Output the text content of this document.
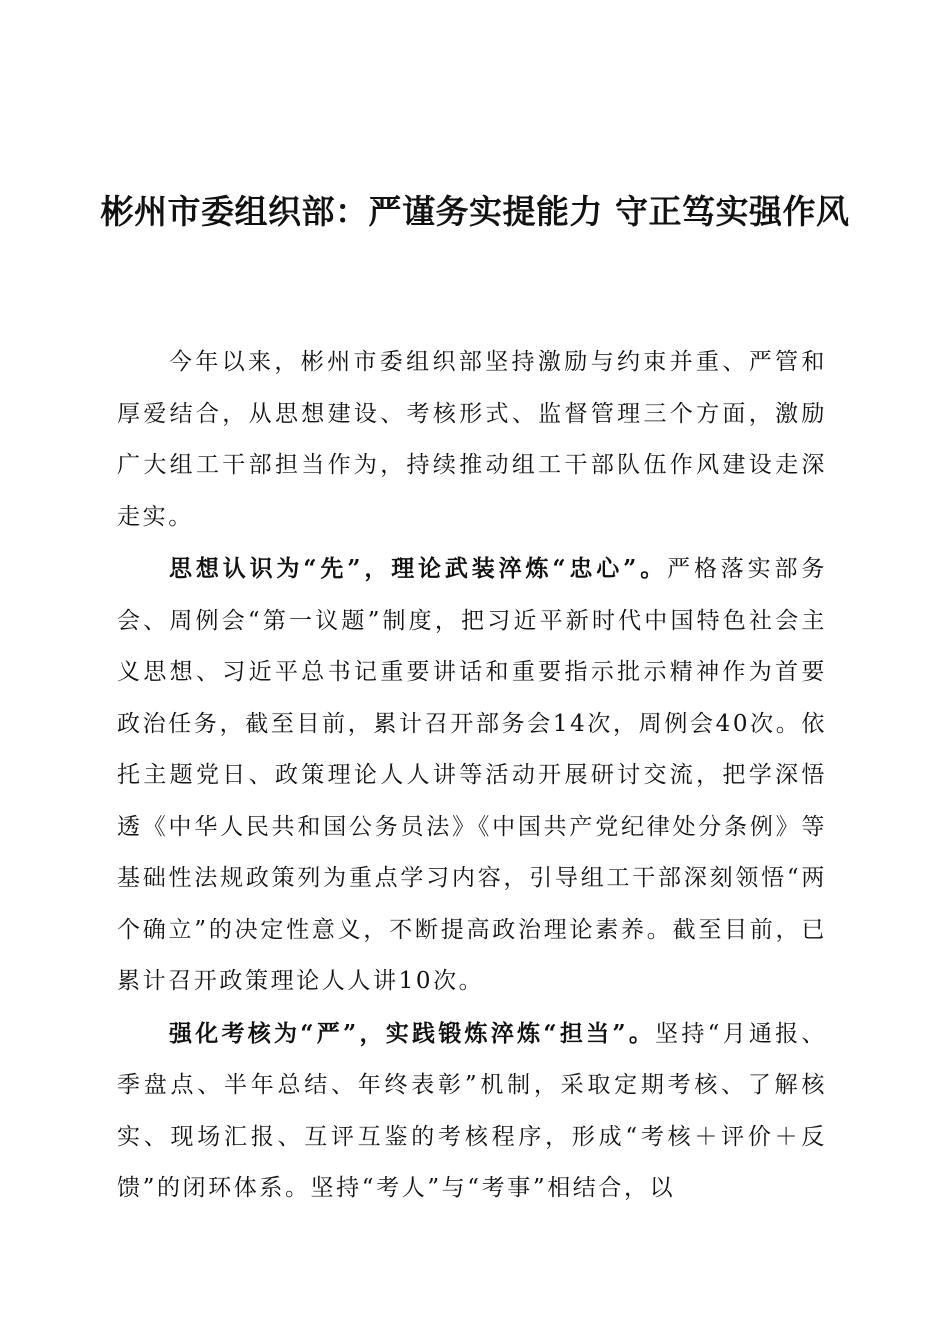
彬州市委组织部：严谨务实提能力 守正笃实强作风

今年以来，彬州市委组织部坚持激励与约束并重、严管和厚爱结合，从思想建设、考核形式、监督管理三个方面，激励广大组工干部担当作为，持续推动组工干部队伍作风建设走深走实。

思想认识为“先”，理论武装淬炼“忠心”。严格落实部务会、周例会“第一议题”制度，把习近平新时代中国特色社会主义思想、习近平总书记重要讲话和重要指示批示精神作为首要政治任务，截至目前，累计召开部务会14次，周例会40次。依托主题党日、政策理论人人讲等活动开展研讨交流，把学深悟透《中华人民共和国公务员法》《中国共产党纪律处分条例》等基础性法规政策列为重点学习内容，引导组工干部深刻领悟“两个确立”的决定性意义，不断提高政治理论素养。截至目前，已累计召开政策理论人人讲10次。

强化考核为“严”，实践锻炼淬炼“担当”。坚持“月通报、季盘点、半年总结、年终表彰”机制，采取定期考核、了解核实、现场汇报、互评互鉴的考核程序，形成“考核＋评价＋反馈”的闭环体系。坚持“考人”与“考事”相结合，以
